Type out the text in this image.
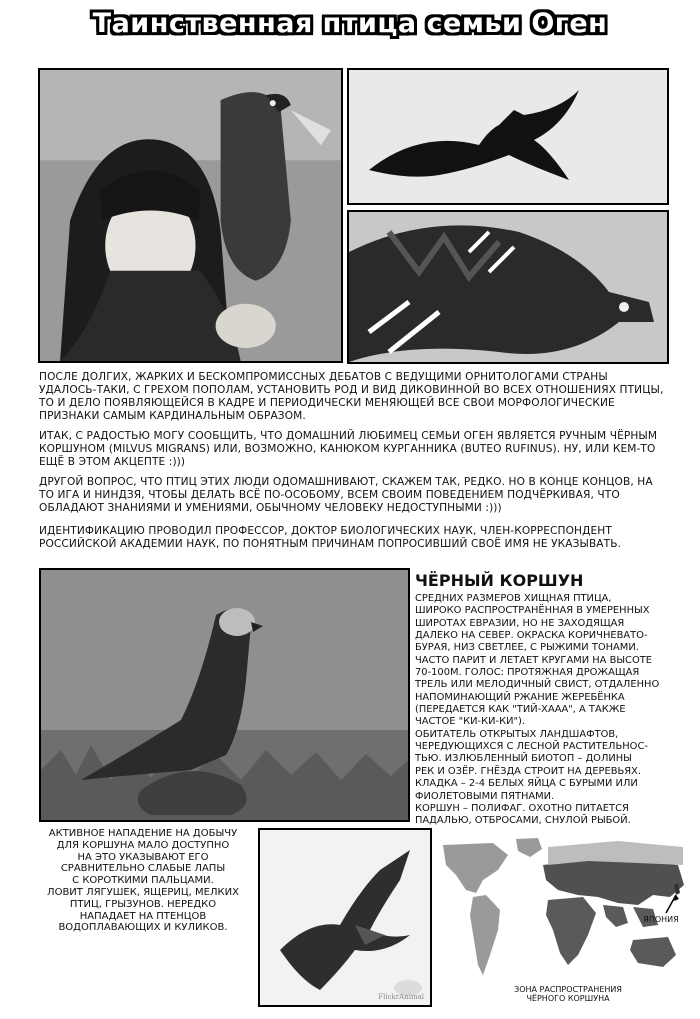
Таинственная птица семьи Оген

ПОСЛЕ ДОЛГИХ, ЖАРКИХ И БЕСКОМПРОМИССНЫХ ДЕБАТОВ С ВЕДУЩИМИ ОРНИТОЛОГАМИ СТРАНЫ УДАЛОСЬ-ТАКИ, С ГРЕХОМ ПОПОЛАМ, УСТАНОВИТЬ РОД И ВИД ДИКОВИННОЙ ВО ВСЕХ ОТНОШЕНИЯХ ПТИЦЫ, ТО И ДЕЛО ПОЯВЛЯЮЩЕЙСЯ В КАДРЕ И ПЕРИОДИЧЕСКИ МЕНЯЮЩЕЙ ВСЕ СВОИ МОРФОЛОГИЧЕСКИЕ ПРИЗНАКИ САМЫМ КАРДИНАЛЬНЫМ ОБРАЗОМ.

ИТАК, С РАДОСТЬЮ МОГУ СООБЩИТЬ, ЧТО ДОМАШНИЙ ЛЮБИМЕЦ СЕМЬИ ОГЕН ЯВЛЯЕТСЯ РУЧНЫМ ЧЁРНЫМ КОРШУНОМ (MILVUS MIGRANS) ИЛИ, ВОЗМОЖНО, КАНЮКОМ КУРГАННИКА (BUTEO RUFINUS). НУ, ИЛИ КЕМ-ТО ЕЩЁ В ЭТОМ АКЦЕПТЕ :)))

ДРУГОЙ ВОПРОС, ЧТО ПТИЦ ЭТИХ ЛЮДИ ОДОМАШНИВАЮТ, СКАЖЕМ ТАК, РЕДКО. НО В КОНЦЕ КОНЦОВ, НА ТО ИГА И НИНДЗЯ, ЧТОБЫ ДЕЛАТЬ ВСЁ ПО-ОСОБОМУ, ВСЕМ СВОИМ ПОВЕДЕНИЕМ ПОДЧЁРКИВАЯ, ЧТО ОБЛАДАЮТ ЗНАНИЯМИ И УМЕНИЯМИ, ОБЫЧНОМУ ЧЕЛОВЕКУ НЕДОСТУПНЫМИ :)))

ИДЕНТИФИКАЦИЮ ПРОВОДИЛ ПРОФЕССОР, ДОКТОР БИОЛОГИЧЕСКИХ НАУК, ЧЛЕН-КОРРЕСПОНДЕНТ РОССИЙСКОЙ АКАДЕМИИ НАУК, ПО ПОНЯТНЫМ ПРИЧИНАМ ПОПРОСИВШИЙ СВОЁ ИМЯ НЕ УКАЗЫВАТЬ.

ЧЁРНЫЙ КОРШУН
СРЕДНИХ РАЗМЕРОВ ХИЩНАЯ ПТИЦА,
ШИРОКО РАСПРОСТРАНЁННАЯ В УМЕРЕННЫХ
ШИРОТАХ ЕВРАЗИИ, НО НЕ ЗАХОДЯЩАЯ
ДАЛЕКО НА СЕВЕР. ОКРАСКА КОРИЧНЕВАТО-
БУРАЯ, НИЗ СВЕТЛЕЕ, С РЫЖИМИ ТОНАМИ.
ЧАСТО ПАРИТ И ЛЕТАЕТ КРУГАМИ НА ВЫСОТЕ
70-100М. ГОЛОС: ПРОТЯЖНАЯ ДРОЖАЩАЯ
ТРЕЛЬ ИЛИ МЕЛОДИЧНЫЙ СВИСТ, ОТДАЛЕННО
НАПОМИНАЮЩИЙ РЖАНИЕ ЖЕРЕБЁНКА
(ПЕРЕДАЕТСЯ КАК "ТИЙ-ХААА", А ТАКЖЕ
ЧАСТОЕ "КИ-КИ-КИ").
ОБИТАТЕЛЬ ОТКРЫТЫХ ЛАНДШАФТОВ,
ЧЕРЕДУЮЩИХСЯ С ЛЕСНОЙ РАСТИТЕЛЬНОС-
ТЬЮ. ИЗЛЮБЛЕННЫЙ БИОТОП – ДОЛИНЫ
РЕК И ОЗЁР. ГНЁЗДА СТРОИТ НА ДЕРЕВЬЯХ.
КЛАДКА – 2-4 БЕЛЫХ ЯЙЦА С БУРЫМИ ИЛИ
ФИОЛЕТОВЫМИ ПЯТНАМИ.
КОРШУН – ПОЛИФАГ. ОХОТНО ПИТАЕТСЯ
ПАДАЛЬЮ, ОТБРОСАМИ, СНУЛОЙ РЫБОЙ.
АКТИВНОЕ НАПАДЕНИЕ НА ДОБЫЧУ
ДЛЯ КОРШУНА МАЛО ДОСТУПНО
НА ЭТО УКАЗЫВАЮТ ЕГО
СРАВНИТЕЛЬНО СЛАБЫЕ ЛАПЫ
С КОРОТКИМИ ПАЛЬЦАМИ.
ЛОВИТ ЛЯГУШЕК, ЯЩЕРИЦ, МЕЛКИХ
ПТИЦ, ГРЫЗУНОВ. НЕРЕДКО
НАПАДАЕТ НА ПТЕНЦОВ
ВОДОПЛАВАЮЩИХ И КУЛИКОВ.
FlickrAnimal
ЯПОНИЯ
ЗОНА РАСПРОСТРАНЕНИЯ
ЧЁРНОГО КОРШУНА
